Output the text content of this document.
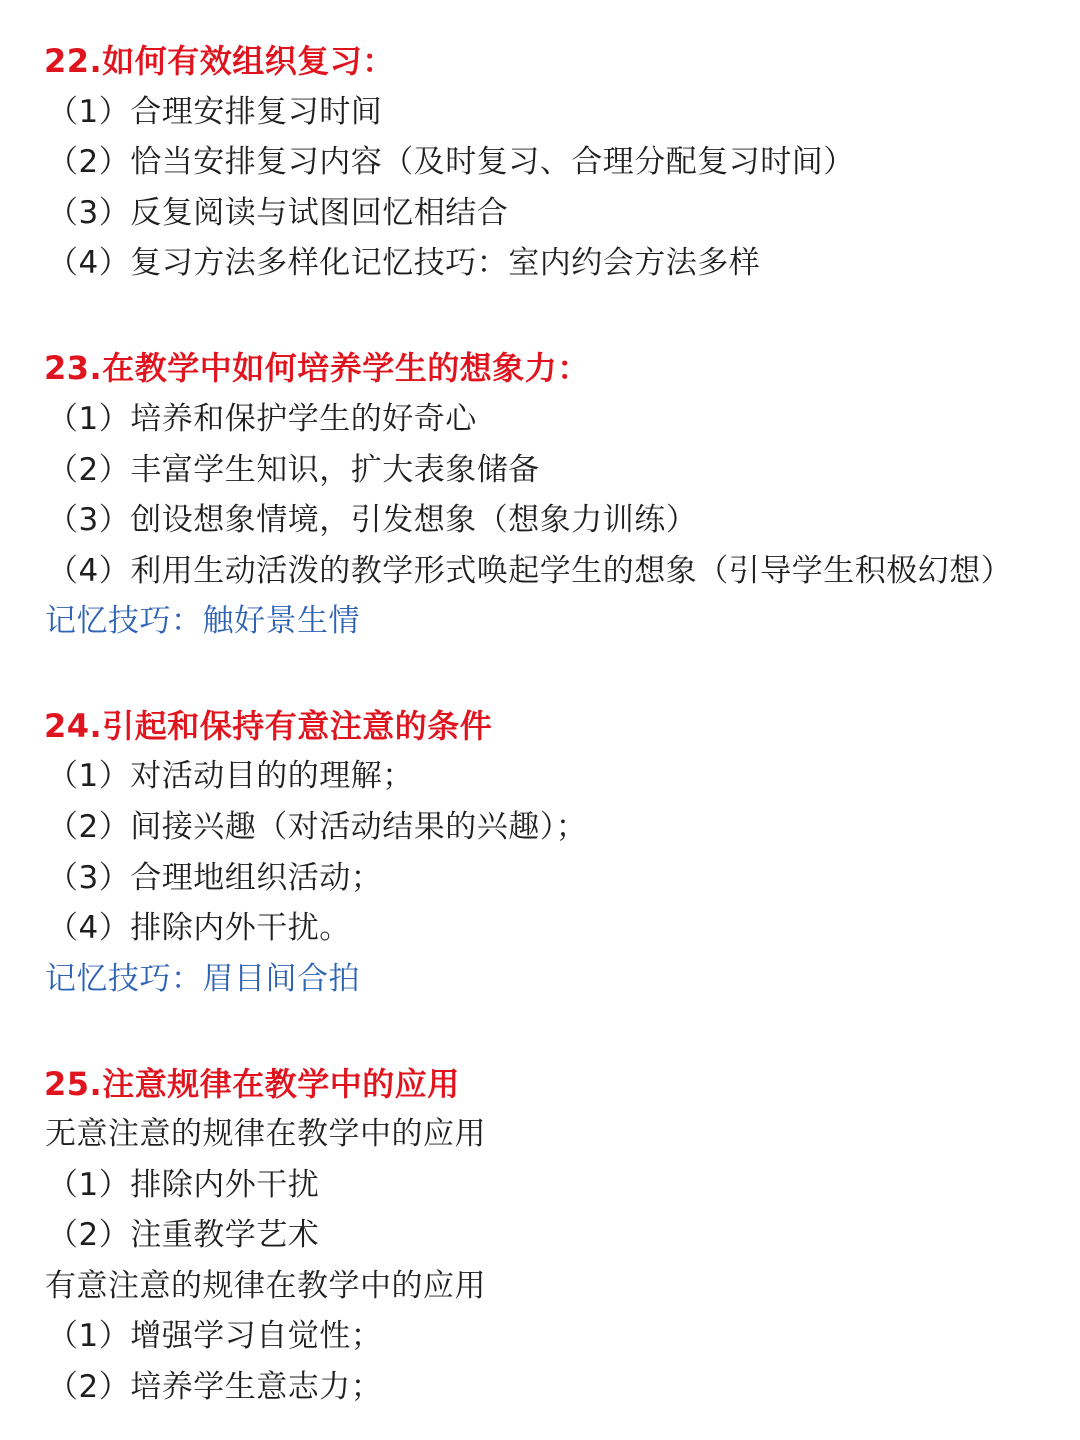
22.如何有效组织复习：
（1）合理安排复习时间
（2）恰当安排复习内容（及时复习、合理分配复习时间）
（3）反复阅读与试图回忆相结合
（4）复习方法多样化记忆技巧：室内约会方法多样
23.在教学中如何培养学生的想象力：
（1）培养和保护学生的好奇心
（2）丰富学生知识，扩大表象储备
（3）创设想象情境，引发想象（想象力训练）
（4）利用生动活泼的教学形式唤起学生的想象（引导学生积极幻想）
记忆技巧：触好景生情
24.引起和保持有意注意的条件
（1）对活动目的的理解；
（2）间接兴趣（对活动结果的兴趣）；
（3）合理地组织活动；
（4）排除内外干扰。
记忆技巧：眉目间合拍
25.注意规律在教学中的应用
无意注意的规律在教学中的应用
（1）排除内外干扰
（2）注重教学艺术
有意注意的规律在教学中的应用
（1）增强学习自觉性；
（2）培养学生意志力；
